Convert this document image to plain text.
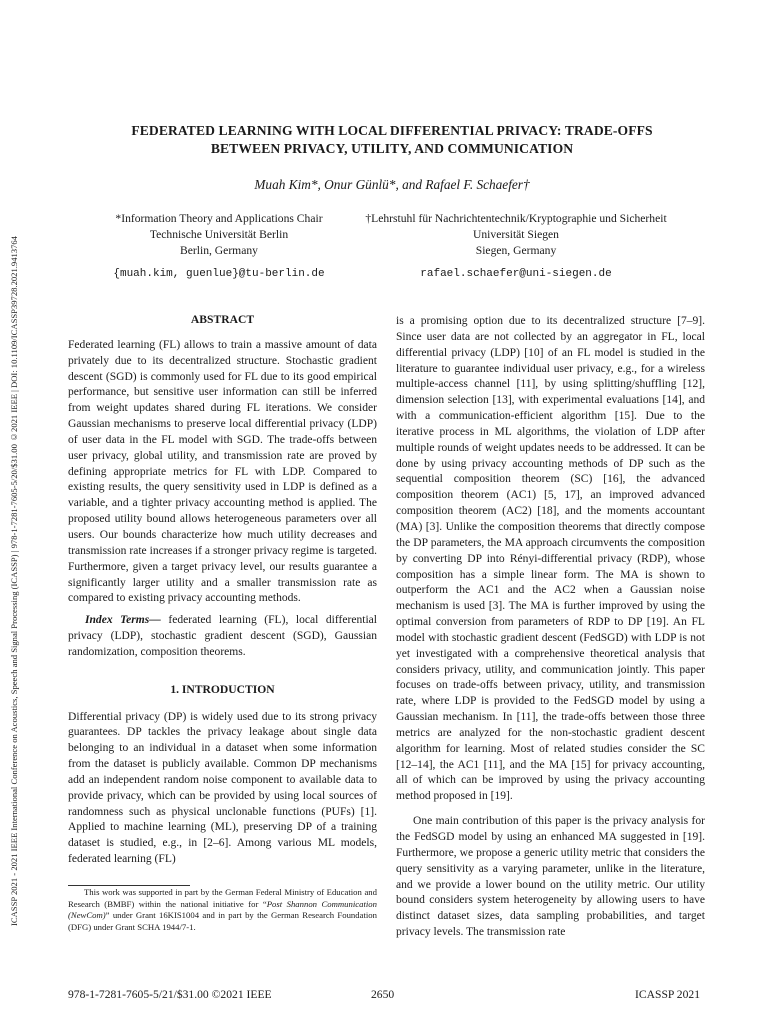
ICASSP 2021 - 2021 IEEE International Conference on Acoustics, Speech and Signal Processing (ICASSP) | 978-1-7281-7605-5/20/$31.00 ©2021 IEEE | DOI: 10.1109/ICASSP39728.2021.9413764
FEDERATED LEARNING WITH LOCAL DIFFERENTIAL PRIVACY: TRADE-OFFS
BETWEEN PRIVACY, UTILITY, AND COMMUNICATION
Muah Kim*, Onur Günlü*, and Rafael F. Schaefer†
*Information Theory and Applications Chair
Technische Universität Berlin
Berlin, Germany
{muah.kim, guenlue}@tu-berlin.de
†Lehrstuhl für Nachrichtentechnik/Kryptographie und Sicherheit
Universität Siegen
Siegen, Germany
rafael.schaefer@uni-siegen.de
ABSTRACT

Federated learning (FL) allows to train a massive amount of data privately due to its decentralized structure. Stochastic gradient descent (SGD) is commonly used for FL due to its good empirical performance, but sensitive user information can still be inferred from weight updates shared during FL iterations. We consider Gaussian mechanisms to preserve local differential privacy (LDP) of user data in the FL model with SGD. The trade-offs between user privacy, global utility, and transmission rate are proved by defining appropriate metrics for FL with LDP. Compared to existing results, the query sensitivity used in LDP is defined as a variable, and a tighter privacy accounting method is applied. The proposed utility bound allows heterogeneous parameters over all users. Our bounds characterize how much utility decreases and transmission rate increases if a stronger privacy regime is targeted. Furthermore, given a target privacy level, our results guarantee a significantly larger utility and a smaller transmission rate as compared to existing privacy accounting methods.

Index Terms— federated learning (FL), local differential privacy (LDP), stochastic gradient descent (SGD), Gaussian randomization, composition theorems.

1. INTRODUCTION

Differential privacy (DP) is widely used due to its strong privacy guarantees. DP tackles the privacy leakage about single data belonging to an individual in a dataset when some information from the dataset is publicly available. Common DP mechanisms add an independent random noise component to available data to provide privacy, which can be provided by using local sources of randomness such as physical unclonable functions (PUFs) [1]. Applied to machine learning (ML), preserving DP of a training dataset is studied, e.g., in [2–6]. Among various ML models, federated learning (FL)

This work was supported in part by the German Federal Ministry of Education and Research (BMBF) within the national initiative for “Post Shannon Communication (NewCom)” under Grant 16KIS1004 and in part by the German Research Foundation (DFG) under Grant SCHA 1944/7-1.

is a promising option due to its decentralized structure [7–9]. Since user data are not collected by an aggregator in FL, local differential privacy (LDP) [10] of an FL model is studied in the literature to guarantee individual user privacy, e.g., for a wireless multiple-access channel [11], by using splitting/shuffling [12], dimension selection [13], with experimental evaluations [14], and with a communication-efficient algorithm [15]. Due to the iterative process in ML algorithms, the violation of LDP after multiple rounds of weight updates needs to be addressed. It can be done by using privacy accounting methods of DP such as the sequential composition theorem (SC) [16], the advanced composition theorem (AC1) [5, 17], an improved advanced composition theorem (AC2) [18], and the moments accountant (MA) [3]. Unlike the composition theorems that directly compose the DP parameters, the MA approach circumvents the composition by converting DP into Rényi-differential privacy (RDP), whose composition has a simple linear form. The MA is shown to outperform the AC1 and the AC2 when a Gaussian noise mechanism is used [3]. The MA is further improved by using the optimal conversion from parameters of RDP to DP [19]. An FL model with stochastic gradient descent (FedSGD) with LDP is not yet investigated with a comprehensive theoretical analysis that considers privacy, utility, and communication jointly. This paper focuses on trade-offs between privacy, utility, and transmission rate, where LDP is provided to the FedSGD model by using a Gaussian mechanism. In [11], the trade-offs between those three metrics are analyzed for the non-stochastic gradient descent algorithm for learning. Most of related studies consider the SC [12–14], the AC1 [11], and the MA [15] for privacy accounting, all of which can be improved by using the privacy accounting method proposed in [19].

One main contribution of this paper is the privacy analysis for the FedSGD model by using an enhanced MA suggested in [19]. Furthermore, we propose a generic utility metric that considers the query sensitivity as a varying parameter, unlike in the literature, and we provide a lower bound on the utility metric. Our utility bound considers system heterogeneity by allowing users to have distinct dataset sizes, data sampling probabilities, and target privacy levels. The transmission rate

978-1-7281-7605-5/21/$31.00 ©2021 IEEE	2650	ICASSP 2021
